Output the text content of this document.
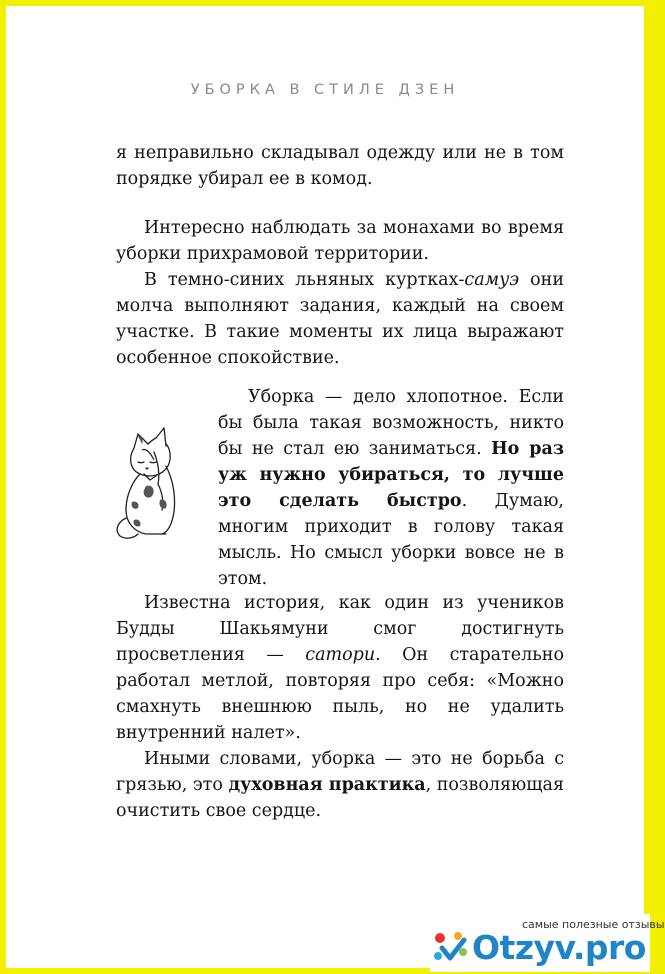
УБОРКА В СТИЛЕ ДЗЕН

я неправильно складывал одежду или не в том порядке убирал ее в комод.

Интересно наблюдать за монахами во время уборки прихрамовой территории.

В темно-синих льняных куртках-самуэ они молча выполняют задания, каждый на своем участке. В такие моменты их лица выражают особенное спокойствие.

Уборка — дело хлопотное. Если бы была такая возможность, никто бы не стал ею заниматься. Но раз уж нужно убираться, то лучше это сделать быстро. Думаю, многим приходит в голову такая мысль. Но смысл уборки вовсе не в этом.

Известна история, как один из учеников Будды Шакьямуни смог достигнуть просветления — сатори. Он старательно работал метлой, повторяя про себя: «Можно смахнуть внешнюю пыль, но не удалить внутренний налет».

Иными словами, уборка — это не борьба с грязью, это духовная практика, позволяющая очистить свое сердце.

самые полезные отзывы
Otzyv.pro
